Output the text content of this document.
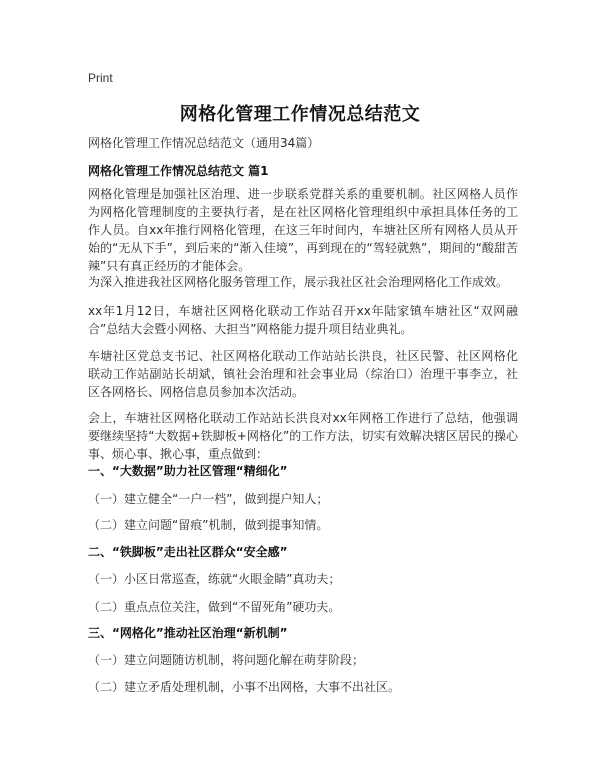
Print
网格化管理工作情况总结范文
网格化管理工作情况总结范文（通用34篇）
网格化管理工作情况总结范文 篇1
网格化管理是加强社区治理、进一步联系党群关系的重要机制。社区网格人员作为网格化管理制度的主要执行者，是在社区网格化管理组织中承担具体任务的工作人员。自xx年推行网格化管理，在这三年时间内，车塘社区所有网格人员从开始的“无从下手”，到后来的“渐入佳境”，再到现在的“驾轻就熟”，期间的“酸甜苦辣”只有真正经历的才能体会。
为深入推进我社区网格化服务管理工作，展示我社区社会治理网格化工作成效。
xx年1月12日，车塘社区网格化联动工作站召开xx年陆家镇车塘社区“双网融合”总结大会暨小网格、大担当”网格能力提升项目结业典礼。
车塘社区党总支书记、社区网格化联动工作站站长洪良，社区民警、社区网格化联动工作站副站长胡斌，镇社会治理和社会事业局（综治口）治理干事李立，社区各网格长、网格信息员参加本次活动。
会上，车塘社区网格化联动工作站站长洪良对xx年网格工作进行了总结，他强调要继续坚持“大数据+铁脚板+网格化”的工作方法，切实有效解决辖区居民的操心事、烦心事、揪心事，重点做到：
一、“大数据”助力社区管理“精细化”
（一）建立健全“一户一档”，做到提户知人；
（二）建立问题“留痕”机制，做到提事知情。
二、“铁脚板”走出社区群众“安全感”
（一）小区日常巡查，练就“火眼金睛”真功夫；
（二）重点点位关注，做到“不留死角”硬功夫。
三、“网格化”推动社区治理“新机制”
（一）建立问题随访机制，将问题化解在萌芽阶段；
（二）建立矛盾处理机制，小事不出网格，大事不出社区。
